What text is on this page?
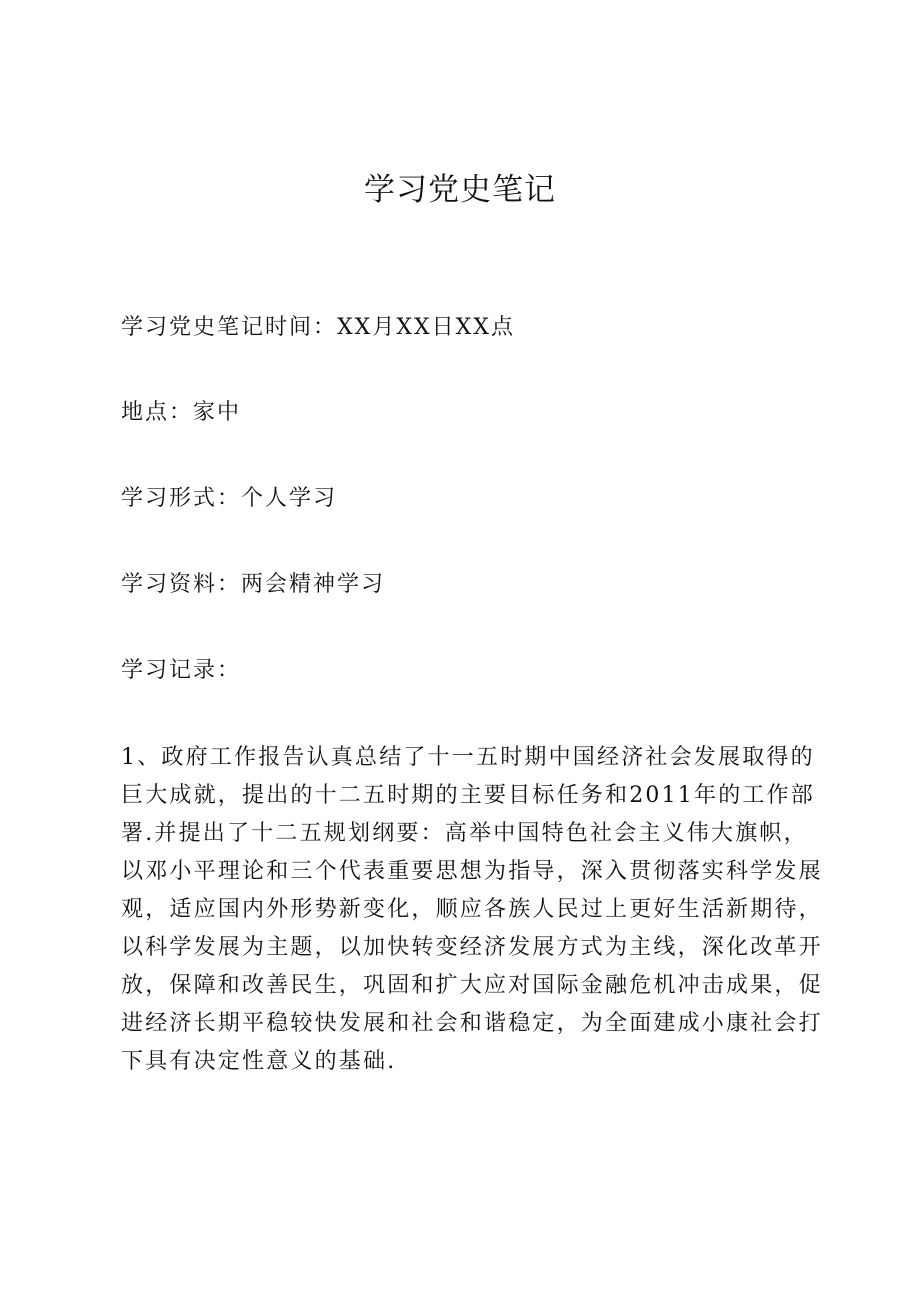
学习党史笔记

学习党史笔记时间：XX月XX日XX点

地点：家中

学习形式：个人学习

学习资料：两会精神学习

学习记录：

1、政府工作报告认真总结了十一五时期中国经济社会发展取得的
巨大成就，提出的十二五时期的主要目标任务和2011年的工作部
署.并提出了十二五规划纲要：高举中国特色社会主义伟大旗帜，
以邓小平理论和三个代表重要思想为指导，深入贯彻落实科学发展
观，适应国内外形势新变化，顺应各族人民过上更好生活新期待，
以科学发展为主题，以加快转变经济发展方式为主线，深化改革开
放，保障和改善民生，巩固和扩大应对国际金融危机冲击成果，促
进经济长期平稳较快发展和社会和谐稳定，为全面建成小康社会打
下具有决定性意义的基础.
